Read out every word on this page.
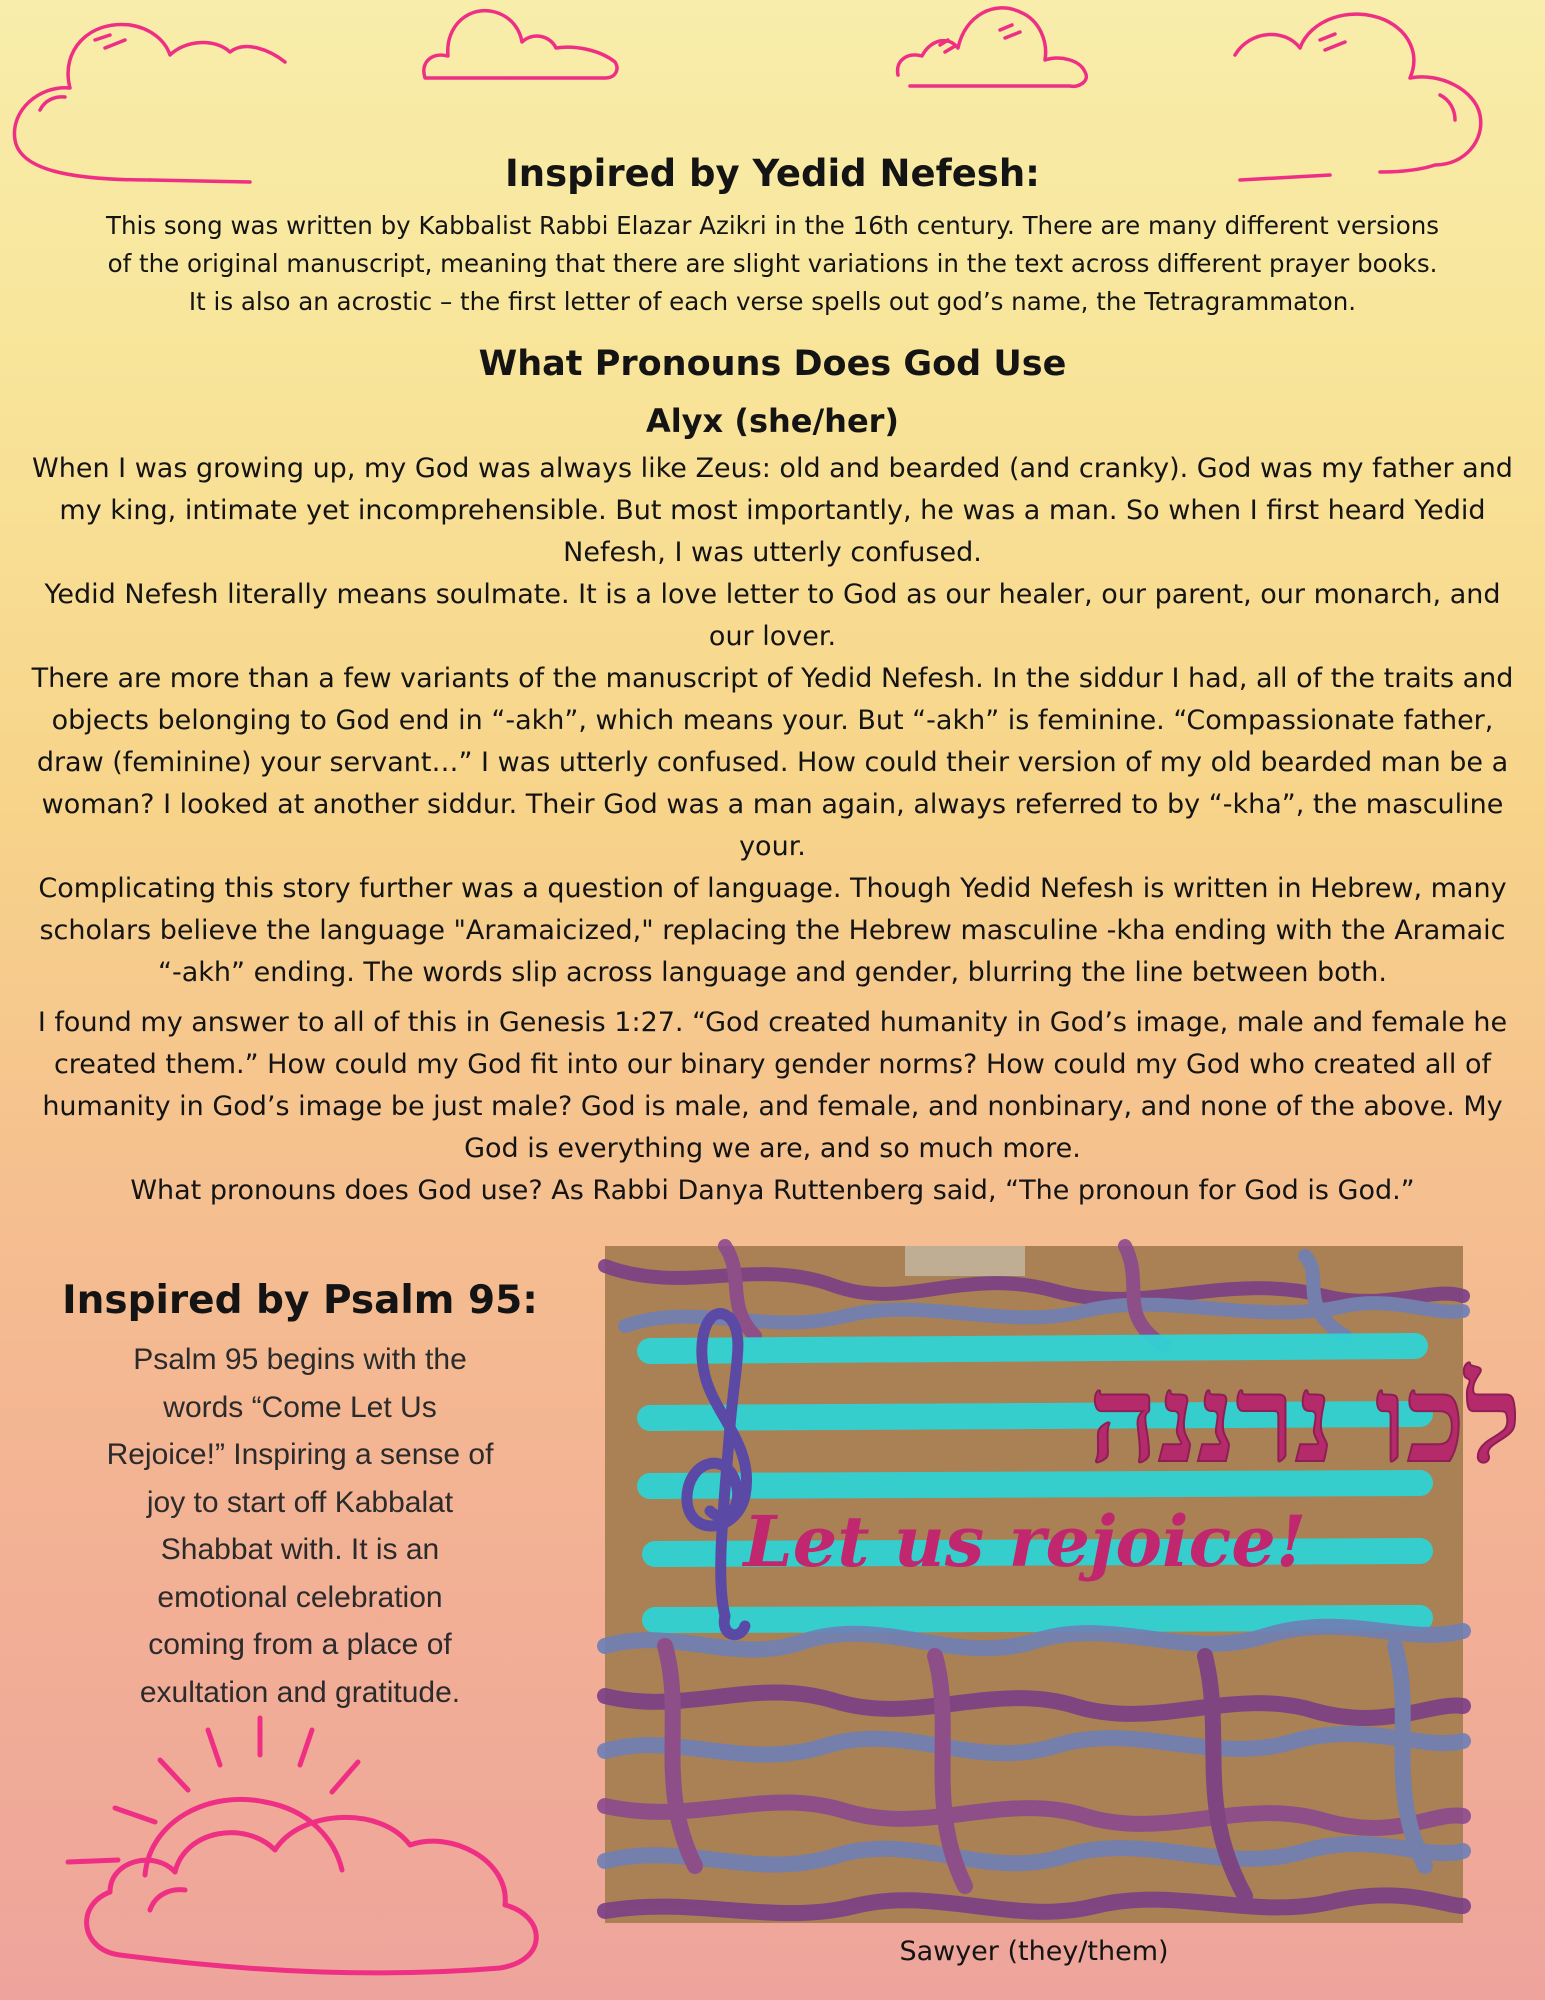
Inspired by Yedid Nefesh:
This song was written by Kabbalist Rabbi Elazar Azikri in the 16th century. There are many different versions
of the original manuscript, meaning that there are slight variations in the text across different prayer books.
It is also an acrostic – the first letter of each verse spells out god’s name, the Tetragrammaton.
What Pronouns Does God Use
Alyx (she/her)

When I was growing up, my God was always like Zeus: old and bearded (and cranky). God was my father and my king, intimate yet incomprehensible. But most importantly, he was a man. So when I first heard Yedid Nefesh, I was utterly confused.

Yedid Nefesh literally means soulmate. It is a love letter to God as our healer, our parent, our monarch, and our lover.

There are more than a few variants of the manuscript of Yedid Nefesh. In the siddur I had, all of the traits and objects belonging to God end in “-akh”, which means your. But “-akh” is feminine. “Compassionate father, draw (feminine) your servant…” I was utterly confused. How could their version of my old bearded man be a woman? I looked at another siddur. Their God was a man again, always referred to by “-kha”, the masculine your.

Complicating this story further was a question of language. Though Yedid Nefesh is written in Hebrew, many scholars believe the language "Aramaicized," replacing the Hebrew masculine -kha ending with the Aramaic “-akh” ending. The words slip across language and gender, blurring the line between both.

I found my answer to all of this in Genesis 1:27. “God created humanity in God’s image, male and female he created them.” How could my God fit into our binary gender norms? How could my God who created all of humanity in God’s image be just male? God is male, and female, and nonbinary, and none of the above. My God is everything we are, and so much more.

What pronouns does God use? As Rabbi Danya Ruttenberg said, “The pronoun for God is God.”

Inspired by Psalm 95:
Psalm 95 begins with the
words “Come Let Us
Rejoice!” Inspiring a sense of
joy to start off Kabbalat
Shabbat with. It is an
emotional celebration
coming from a place of
exultation and gratitude.
לכו נרננה
Let us rejoice!
Sawyer (they/them)
